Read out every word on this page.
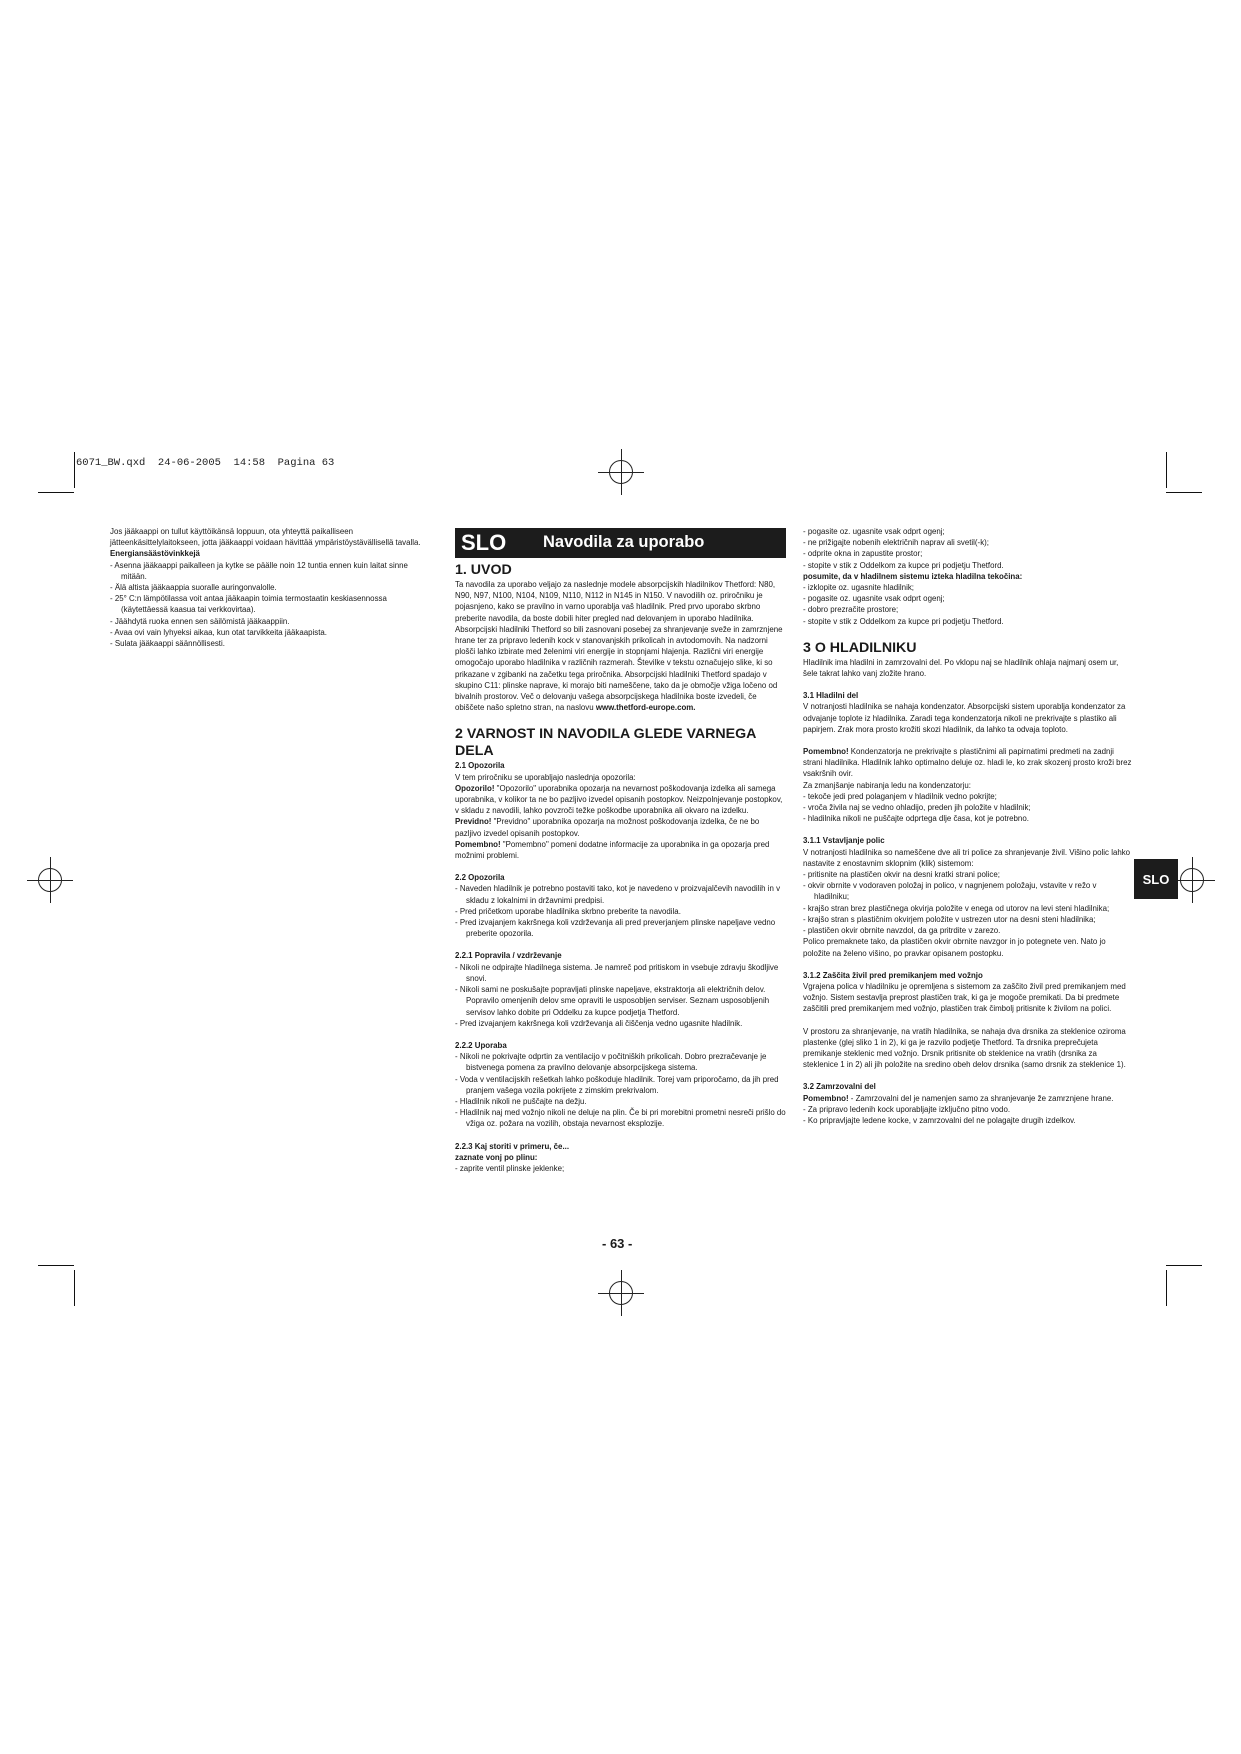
6071_BW.qxd  24-06-2005  14:58  Pagina 63

Jos jääkaappi on tullut käyttöikänsä loppuun, ota yhteyttä paikalliseen jätteenkäsittelylaitokseen, jotta jääkaappi voidaan hävittää ympäristöystävällisellä tavalla.

Energiansäästövinkkejä

- Asenna jääkaappi paikalleen ja kytke se päälle noin 12 tuntia ennen kuin laitat sinne mitään.

- Älä altista jääkaappia suoralle auringonvalolle.

- 25° C:n lämpötilassa voit antaa jääkaapin toimia termostaatin keskiasennossa (käytettäessä kaasua tai verkkovirtaa).

- Jäähdytä ruoka ennen sen säilömistä jääkaappiin.

- Avaa ovi vain lyhyeksi aikaa, kun otat tarvikkeita jääkaapista.

- Sulata jääkaappi säännöllisesti.

SLO	Navodila za uporabo

1. UVOD

Ta navodila za uporabo veljajo za naslednje modele absorpcijskih hladilnikov Thetford: N80, N90, N97, N100, N104, N109, N110, N112 in N145 in N150. V navodilih oz. priročniku je pojasnjeno, kako se pravilno in varno uporablja vaš hladilnik. Pred prvo uporabo skrbno preberite navodila, da boste dobili hiter pregled nad delovanjem in uporabo hladilnika. Absorpcijski hladilniki Thetford so bili zasnovani posebej za shranjevanje sveže in zamrznjene hrane ter za pripravo ledenih kock v stanovanjskih prikolicah in avtodomovih. Na nadzorni plošči lahko izbirate med želenimi viri energije in stopnjami hlajenja. Različni viri energije omogočajo uporabo hladilnika v različnih razmerah. Številke v tekstu označujejo slike, ki so prikazane v zgibanki na začetku tega priročnika. Absorpcijski hladilniki Thetford spadajo v skupino C11: plinske naprave, ki morajo biti nameščene, tako da je območje vžiga ločeno od bivalnih prostorov. Več o delovanju vašega absorpcijskega hladilnika boste izvedeli, če obiščete našo spletno stran, na naslovu www.thetford-europe.com.

2 VARNOST IN NAVODILA GLEDE VARNEGA DELA

2.1 Opozorila

V tem priročniku se uporabljajo naslednja opozorila:

Opozorilo! "Opozorilo" uporabnika opozarja na nevarnost poškodovanja izdelka ali samega uporabnika, v kolikor ta ne bo pazljivo izvedel opisanih postopkov. Neizpolnjevanje postopkov, v skladu z navodili, lahko povzroči težke poškodbe uporabnika ali okvaro na izdelku.

Previdno! "Previdno" uporabnika opozarja na možnost poškodovanja izdelka, če ne bo pazljivo izvedel opisanih postopkov.

Pomembno! "Pomembno" pomeni dodatne informacije za uporabnika in ga opozarja pred možnimi problemi.

2.2 Opozorila

- Naveden hladilnik je potrebno postaviti tako, kot je navedeno v proizvajalčevih navodilih in v skladu z lokalnimi in državnimi predpisi.

- Pred pričetkom uporabe hladilnika skrbno preberite ta navodila.

- Pred izvajanjem kakršnega koli vzdrževanja ali pred preverjanjem plinske napeljave vedno preberite opozorila.

2.2.1 Popravila / vzdrževanje

- Nikoli ne odpirajte hladilnega sistema. Je namreč pod pritiskom in vsebuje zdravju škodljive snovi.

- Nikoli sami ne poskušajte popravljati plinske napeljave, ekstraktorja ali električnih delov. Popravilo omenjenih delov sme opraviti le usposobljen serviser. Seznam usposobljenih servisov lahko dobite pri Oddelku za kupce podjetja Thetford.

- Pred izvajanjem kakršnega koli vzdrževanja ali čiščenja vedno ugasnite hladilnik.

2.2.2 Uporaba

- Nikoli ne pokrivajte odprtin za ventilacijo v počitniških prikolicah. Dobro prezračevanje je bistvenega pomena za pravilno delovanje absorpcijskega sistema.

- Voda v ventilacijskih rešetkah lahko poškoduje hladilnik. Torej vam priporočamo, da jih pred pranjem vašega vozila pokrijete z zimskim prekrivalom.

- Hladilnik nikoli ne puščajte na dežju.

- Hladilnik naj med vožnjo nikoli ne deluje na plin. Če bi pri morebitni prometni nesreči prišlo do vžiga oz. požara na vozilih, obstaja nevarnost eksplozije.

2.2.3 Kaj storiti v primeru, če...

zaznate vonj po plinu:

- zaprite ventil plinske jeklenke;

- pogasite oz. ugasnite vsak odprt ogenj;

- ne prižigajte nobenih električnih naprav ali svetil(-k);

- odprite okna in zapustite prostor;

- stopite v stik z Oddelkom za kupce pri podjetju Thetford.

posumite, da v hladilnem sistemu izteka hladilna tekočina:

- izklopite oz. ugasnite hladilnik;

- pogasite oz. ugasnite vsak odprt ogenj;

- dobro prezračite prostore;

- stopite v stik z Oddelkom za kupce pri podjetju Thetford.

3 O HLADILNIKU

Hladilnik ima hladilni in zamrzovalni del. Po vklopu naj se hladilnik ohlaja najmanj osem ur, šele takrat lahko vanj zložite hrano.

3.1 Hladilni del

V notranjosti hladilnika se nahaja kondenzator. Absorpcijski sistem uporablja kondenzator za odvajanje toplote iz hladilnika. Zaradi tega kondenzatorja nikoli ne prekrivajte s plastiko ali papirjem. Zrak mora prosto krožiti skozi hladilnik, da lahko ta odvaja toploto.

Pomembno! Kondenzatorja ne prekrivajte s plastičnimi ali papirnatimi predmeti na zadnji strani hladilnika. Hladilnik lahko optimalno deluje oz. hladi le, ko zrak skozenj prosto kroži brez vsakršnih ovir.

Za zmanjšanje nabiranja ledu na kondenzatorju:

- tekoče jedi pred polaganjem v hladilnik vedno pokrijte;

- vroča živila naj se vedno ohladijo, preden jih položite v hladilnik;

- hladilnika nikoli ne puščajte odprtega dlje časa, kot je potrebno.

3.1.1 Vstavljanje polic

V notranjosti hladilnika so nameščene dve ali tri police za shranjevanje živil. Višino polic lahko nastavite z enostavnim sklopnim (klik) sistemom:

- pritisnite na plastičen okvir na desni kratki strani police;

- okvir obrnite v vodoraven položaj in polico, v nagnjenem položaju, vstavite v režo v hladilniku;

- krajšo stran brez plastičnega okvirja položite v enega od utorov na levi steni hladilnika;

- krajšo stran s plastičnim okvirjem položite v ustrezen utor na desni steni hladilnika;

- plastičen okvir obrnite navzdol, da ga pritrdite v zarezo.

Polico premaknete tako, da plastičen okvir obrnite navzgor in jo potegnete ven. Nato jo položite na želeno višino, po pravkar opisanem postopku.

3.1.2 Zaščita živil pred premikanjem med vožnjo

Vgrajena polica v hladilniku je opremljena s sistemom za zaščito živil pred premikanjem med vožnjo. Sistem sestavlja preprost plastičen trak, ki ga je mogoče premikati. Da bi predmete zaščitili pred premikanjem med vožnjo, plastičen trak čimbolj pritisnite k živilom na polici.

V prostoru za shranjevanje, na vratih hladilnika, se nahaja dva drsnika za steklenice oziroma plastenke (glej sliko 1 in 2), ki ga je razvilo podjetje Thetford. Ta drsnika preprečujeta premikanje steklenic med vožnjo. Drsnik pritisnite ob steklenice na vratih (drsnika za steklenice 1 in 2) ali jih položite na sredino obeh delov drsnika (samo drsnik za steklenice 1).

3.2 Zamrzovalni del

Pomembno! - Zamrzovalni del je namenjen samo za shranjevanje že zamrznjene hrane.

- Za pripravo ledenih kock uporabljajte izključno pitno vodo.

- Ko pripravljajte ledene kocke, v zamrzovalni del ne polagajte drugih izdelkov.

SLO
- 63 -
